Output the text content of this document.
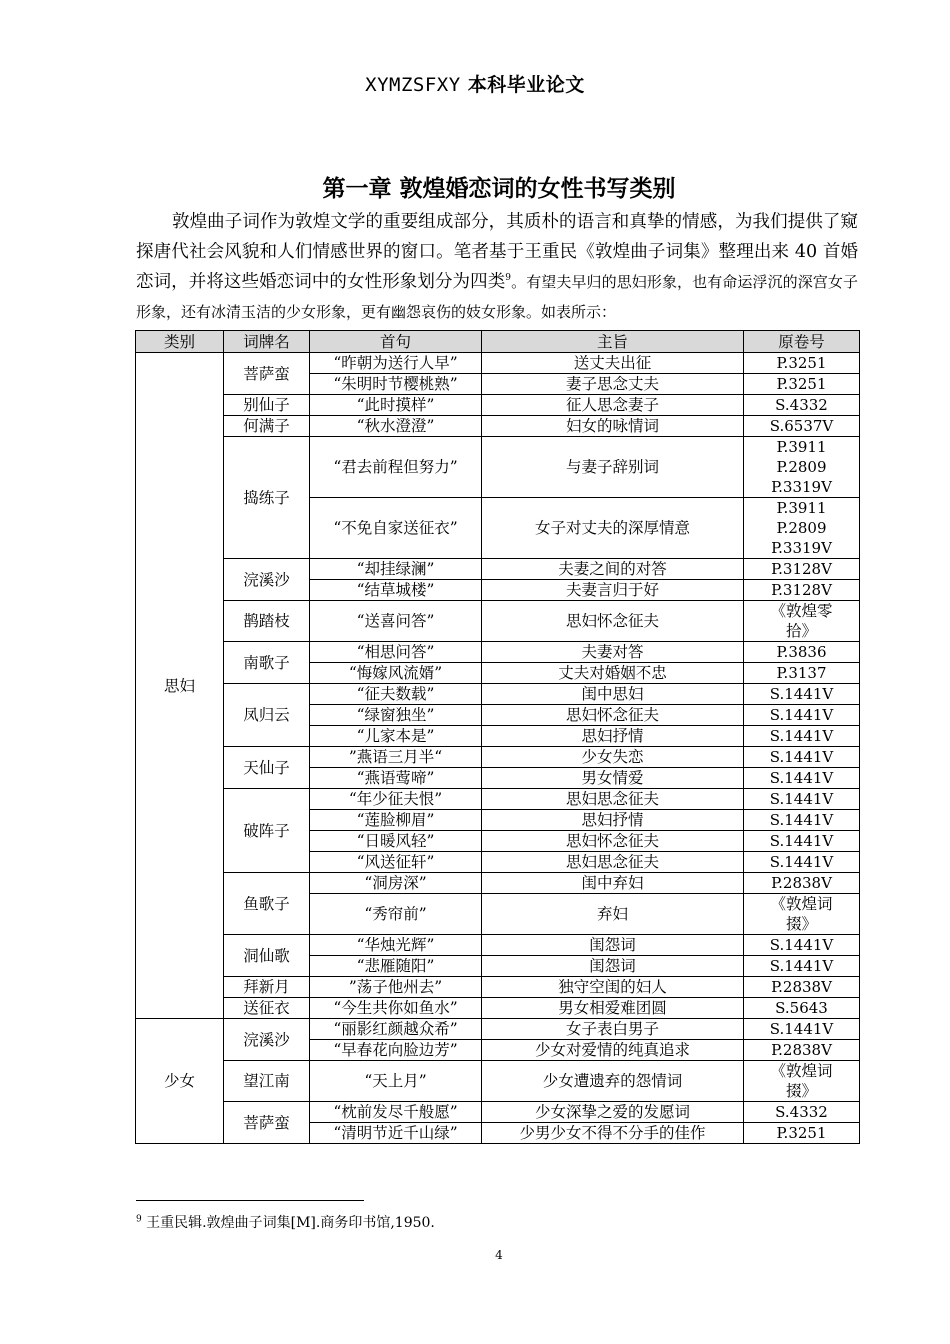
XYMZSFXY 本科毕业论文
第一章 敦煌婚恋词的女性书写类别

敦煌曲子词作为敦煌文学的重要组成部分，其质朴的语言和真挚的情感，为我们提供了窥探唐代社会风貌和人们情感世界的窗口。笔者基于王重民《敦煌曲子词集》整理出来 40 首婚恋词，并将这些婚恋词中的女性形象划分为四类$^9$。有望夫早归的思妇形象，也有命运浮沉的深宫女子形象，还有冰清玉洁的少女形象，更有幽怨哀伤的妓女形象。如表所示：

类别	词牌名	首句	主旨	原卷号
思妇	菩萨蛮	“昨朝为送行人早”	送丈夫出征	P.3251
		“朱明时节樱桃熟”	妻子思念丈夫	P.3251
	别仙子	“此时摸样”	征人思念妻子	S.4332
	何满子	“秋水澄澄”	妇女的咏情词	S.6537V
	捣练子	“君去前程但努力”	与妻子辞别词	P.3911
P.2809
P.3319V

		“不免自家送征衣”	女子对丈夫的深厚情意	P.3911
P.2809
P.3319V

	浣溪沙	“却挂绿澜”	夫妻之间的对答	P.3128V
		“结草城楼”	夫妻言归于好	P.3128V
	鹊踏枝	“送喜问答”	思妇怀念征夫	《敦煌零
拾》

	南歌子	“相思问答”	夫妻对答	P.3836
		“悔嫁风流婿”	丈夫对婚姻不忠	P.3137
	凤归云	“征夫数载”	闺中思妇	S.1441V
		“绿窗独坐”	思妇怀念征夫	S.1441V
		“儿家本是”	思妇抒情	S.1441V
	天仙子	”燕语三月半“	少女失恋	S.1441V
		“燕语莺啼”	男女情爱	S.1441V
	破阵子	“年少征夫恨”	思妇思念征夫	S.1441V
		“莲脸柳眉”	思妇抒情	S.1441V
		“日暖风轻”	思妇怀念征夫	S.1441V
		“风送征轩”	思妇思念征夫	S.1441V
	鱼歌子	“洞房深”	闺中弃妇	P.2838V
		“秀帘前”	弃妇	《敦煌词
掇》

	洞仙歌	“华烛光辉”	闺怨词	S.1441V
		“悲雁随阳”	闺怨词	S.1441V
	拜新月	”荡子他州去”	独守空闺的妇人	P.2838V
	送征衣	“今生共你如鱼水”	男女相爱难团圆	S.5643
少女	浣溪沙	“丽影红颜越众希”	女子表白男子	S.1441V
		“早春花向脸边芳”	少女对爱情的纯真追求	P.2838V
	望江南	“天上月”	少女遭遗弃的怨情词	《敦煌词
掇》

	菩萨蛮	“枕前发尽千般愿”	少女深挚之爱的发愿词	S.4332
		“清明节近千山绿”	少男少女不得不分手的佳作	P.3251
$^9$ 王重民辑.敦煌曲子词集[M].商务印书馆,1950.
4
